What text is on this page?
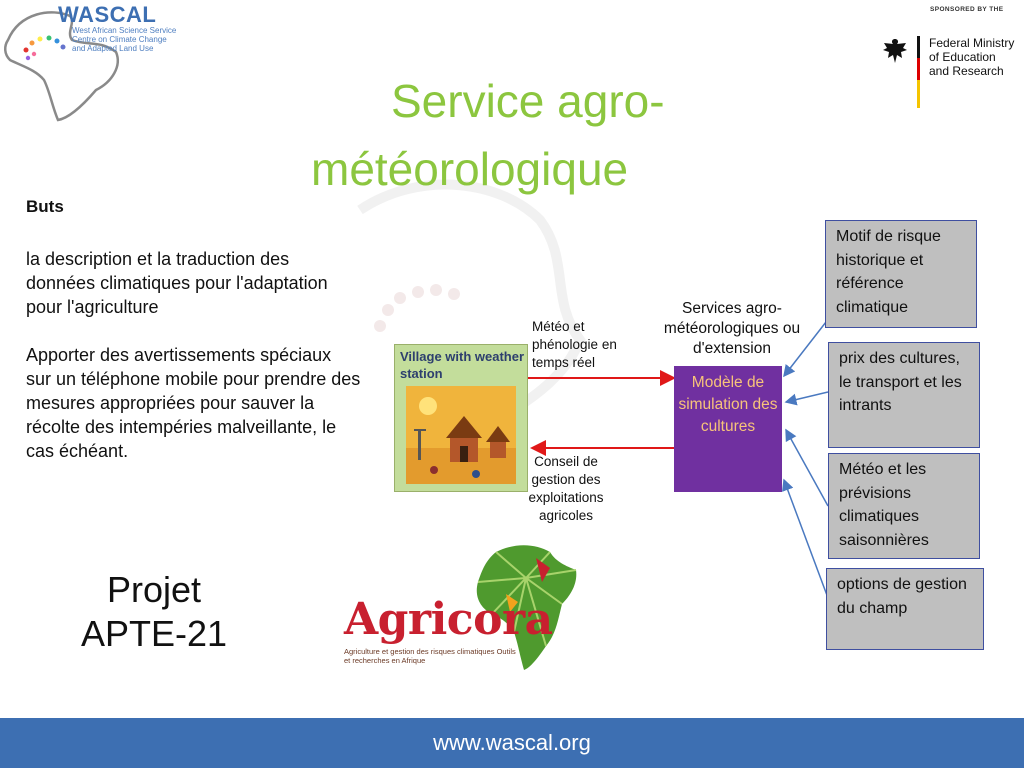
WASCAL
West African Science Service Centre on Climate Change and Adapted Land Use
SPONSORED BY THE
Federal Ministry
of Education
and Research
Service agro-
météorologique
Buts
la description et la traduction des données climatiques pour l'adaptation pour l'agriculture
Apporter des avertissements spéciaux sur un téléphone mobile pour prendre des mesures appropriées pour sauver la récolte des intempéries malveillante, le cas échéant.
Projet
APTE-21
Village with weather station
Météo et phénologie en temps réel
Conseil de gestion des exploitations agricoles
Services agro-météorologiques ou d'extension
Modèle de simulation des cultures
Motif de risque historique et référence climatique
prix des cultures, le transport et les intrants
Météo et les prévisions climatiques saisonnières
options de gestion du champ
Agricora
Agriculture et gestion des risques climatiques Outils et recherches en Afrique
www.wascal.org
